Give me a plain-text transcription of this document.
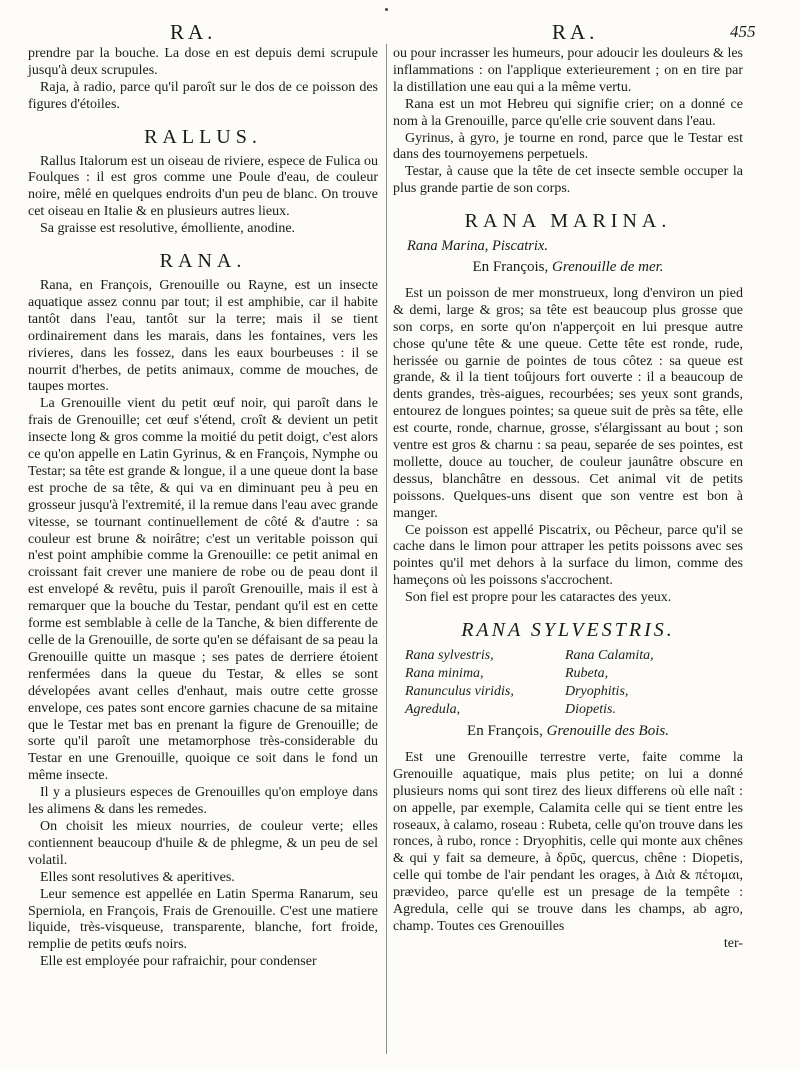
RA.	RA.	455

prendre par la bouche. La dose en est depuis demi scrupule jusqu'à deux scrupules.

Raja, à radio, parce qu'il paroît sur le dos de ce poisson des figures d'étoiles.

RALLUS.

Rallus Italorum est un oiseau de riviere, espece de Fulica ou Foulques : il est gros comme une Poule d'eau, de couleur noire, mêlé en quelques endroits d'un peu de blanc. On trouve cet oiseau en Italie & en plusieurs autres lieux.

Sa graisse est resolutive, émolliente, anodine.

RANA.

Rana, en François, Grenouille ou Rayne, est un insecte aquatique assez connu par tout; il est amphibie, car il habite tantôt dans l'eau, tantôt sur la terre; mais il se tient ordinairement dans les marais, dans les fontaines, vers les rivieres, dans les fossez, dans les eaux bourbeuses : il se nourrit d'herbes, de petits animaux, comme de mouches, de taupes mortes.

La Grenouille vient du petit œuf noir, qui paroît dans le frais de Grenouille; cet œuf s'étend, croît & devient un petit insecte long & gros comme la moitié du petit doigt, c'est alors ce qu'on appelle en Latin Gyrinus, & en François, Nymphe ou Testar; sa tête est grande & longue, il a une queue dont la base est proche de sa tête, & qui va en diminuant peu à peu en grosseur jusqu'à l'extremité, il la remue dans l'eau avec grande vitesse, se tournant continuellement de côté & d'autre : sa couleur est brune & noirâtre; c'est un veritable poisson qui n'est point amphibie comme la Grenouille: ce petit animal en croissant fait crever une maniere de robe ou de peau dont il est envelopé & revêtu, puis il paroît Grenouille, mais il est à remarquer que la bouche du Testar, pendant qu'il est en cette forme est semblable à celle de la Tanche, & bien differente de celle de la Grenouille, de sorte qu'en se défaisant de sa peau la Grenouille quitte un masque ; ses pates de derriere étoient renfermées dans la queue du Testar, & elles se sont dévelopées avant celles d'enhaut, mais outre cette grosse envelope, ces pates sont encore garnies chacune de sa mitaine que le Testar met bas en prenant la figure de Grenouille; de sorte qu'il paroît une metamorphose très-considerable du Testar en une Grenouille, quoique ce soit dans le fond un même insecte.

Il y a plusieurs especes de Grenouilles qu'on employe dans les alimens & dans les remedes.

On choisit les mieux nourries, de couleur verte; elles contiennent beaucoup d'huile & de phlegme, & un peu de sel volatil.

Elles sont resolutives & aperitives.

Leur semence est appellée en Latin Sperma Ranarum, seu Sperniola, en François, Frais de Grenouille. C'est une matiere liquide, très-visqueuse, transparente, blanche, fort froide, remplie de petits œufs noirs.

Elle est employée pour rafraichir, pour condenser

ou pour incrasser les humeurs, pour adoucir les douleurs & les inflammations : on l'applique exterieurement ; on en tire par la distillation une eau qui a la même vertu.

Rana est un mot Hebreu qui signifie crier; on a donné ce nom à la Grenouille, parce qu'elle crie souvent dans l'eau.

Gyrinus, à gyro, je tourne en rond, parce que le Testar est dans des tournoyemens perpetuels.

Testar, à cause que la tête de cet insecte semble occuper la plus grande partie de son corps.

RANA MARINA.
Rana Marina, Piscatrix.
En François, Grenouille de mer.

Est un poisson de mer monstrueux, long d'environ un pied & demi, large & gros; sa tête est beaucoup plus grosse que son corps, en sorte qu'on n'apperçoit en lui presque autre chose qu'une tête & une queue. Cette tête est ronde, rude, herissée ou garnie de pointes de tous côtez : sa queue est grande, & il la tient toûjours fort ouverte : il a beaucoup de dents grandes, très-aigues, recourbées; ses yeux sont grands, entourez de longues pointes; sa queue suit de près sa tête, elle est courte, ronde, charnue, grosse, s'élargissant au bout ; son ventre est gros & charnu : sa peau, separée de ses pointes, est mollette, douce au toucher, de couleur jaunâtre obscure en dessus, blanchâtre en dessous. Cet animal vit de petits poissons. Quelques-uns disent que son ventre est bon à manger.

Ce poisson est appellé Piscatrix, ou Pêcheur, parce qu'il se cache dans le limon pour attraper les petits poissons avec ses pointes qu'il met dehors à la surface du limon, comme des hameçons où les poissons s'accrochent.

Son fiel est propre pour les cataractes des yeux.

RANA SYLVESTRIS.
Rana sylvestris,	Rana Calamita,
Rana minima,	Rubeta,
Ranunculus viridis,	Dryophitis,
Agredula,	Diopetis.
En François, Grenouille des Bois.

Est une Grenouille terrestre verte, faite comme la Grenouille aquatique, mais plus petite; on lui a donné plusieurs noms qui sont tirez des lieux differens où elle naît : on appelle, par exemple, Calamita celle qui se tient entre les roseaux, à calamo, roseau : Rubeta, celle qu'on trouve dans les ronces, à rubo, ronce : Dryophitis, celle qui monte aux chênes & qui y fait sa demeure, à δρῦς, quercus, chêne : Diopetis, celle qui tombe de l'air pendant les orages, à Διὰ & πέτομαι, prævideo, parce qu'elle est un presage de la tempête : Agredula, celle qui se trouve dans les champs, ab agro, champ. Toutes ces Grenouilles

ter-
